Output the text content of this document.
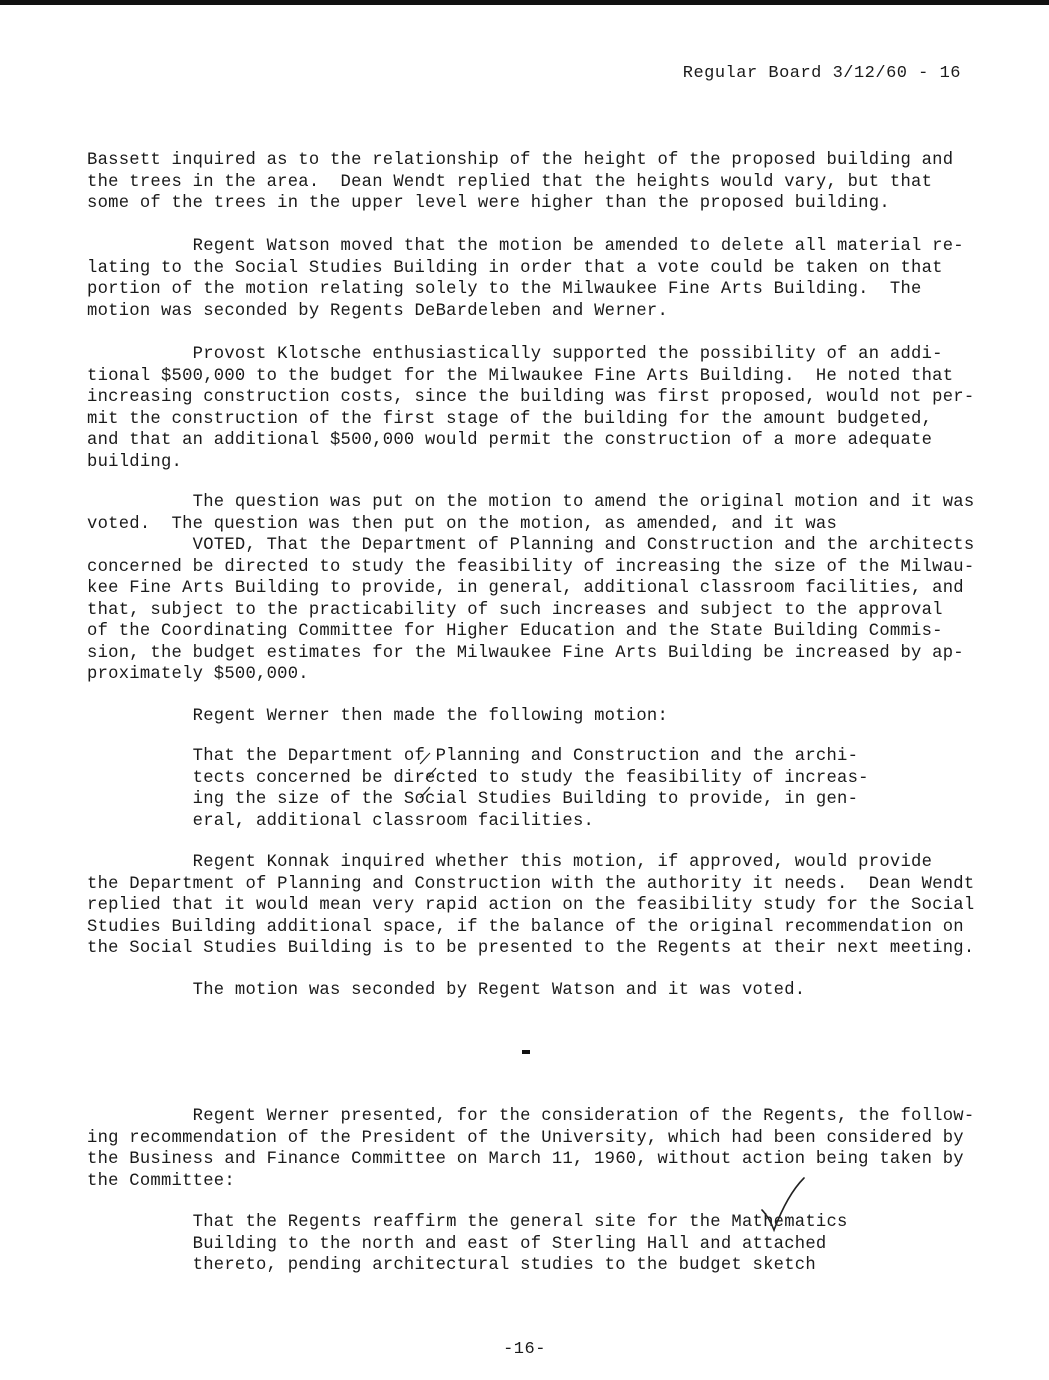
Regular Board 3/12/60 - 16
Bassett inquired as to the relationship of the height of the proposed building and
the trees in the area.  Dean Wendt replied that the heights would vary, but that
some of the trees in the upper level were higher than the proposed building.
Regent Watson moved that the motion be amended to delete all material re-
lating to the Social Studies Building in order that a vote could be taken on that
portion of the motion relating solely to the Milwaukee Fine Arts Building.  The
motion was seconded by Regents DeBardeleben and Werner.
Provost Klotsche enthusiastically supported the possibility of an addi-
tional $500,000 to the budget for the Milwaukee Fine Arts Building.  He noted that
increasing construction costs, since the building was first proposed, would not per-
mit the construction of the first stage of the building for the amount budgeted,
and that an additional $500,000 would permit the construction of a more adequate
building.
The question was put on the motion to amend the original motion and it was
voted.  The question was then put on the motion, as amended, and it was
VOTED, That the Department of Planning and Construction and the architects
concerned be directed to study the feasibility of increasing the size of the Milwau-
kee Fine Arts Building to provide, in general, additional classroom facilities, and
that, subject to the practicability of such increases and subject to the approval
of the Coordinating Committee for Higher Education and the State Building Commis-
sion, the budget estimates for the Milwaukee Fine Arts Building be increased by ap-
proximately $500,000.
Regent Werner then made the following motion:
That the Department of Planning and Construction and the archi-
tects concerned be directed to study the feasibility of increas-
ing the size of the Social Studies Building to provide, in gen-
eral, additional classroom facilities.
Regent Konnak inquired whether this motion, if approved, would provide
the Department of Planning and Construction with the authority it needs.  Dean Wendt
replied that it would mean very rapid action on the feasibility study for the Social
Studies Building additional space, if the balance of the original recommendation on
the Social Studies Building is to be presented to the Regents at their next meeting.
The motion was seconded by Regent Watson and it was voted.
Regent Werner presented, for the consideration of the Regents, the follow-
ing recommendation of the President of the University, which had been considered by
the Business and Finance Committee on March 11, 1960, without action being taken by
the Committee:
That the Regents reaffirm the general site for the Mathematics
Building to the north and east of Sterling Hall and attached
thereto, pending architectural studies to the budget sketch
-16-
